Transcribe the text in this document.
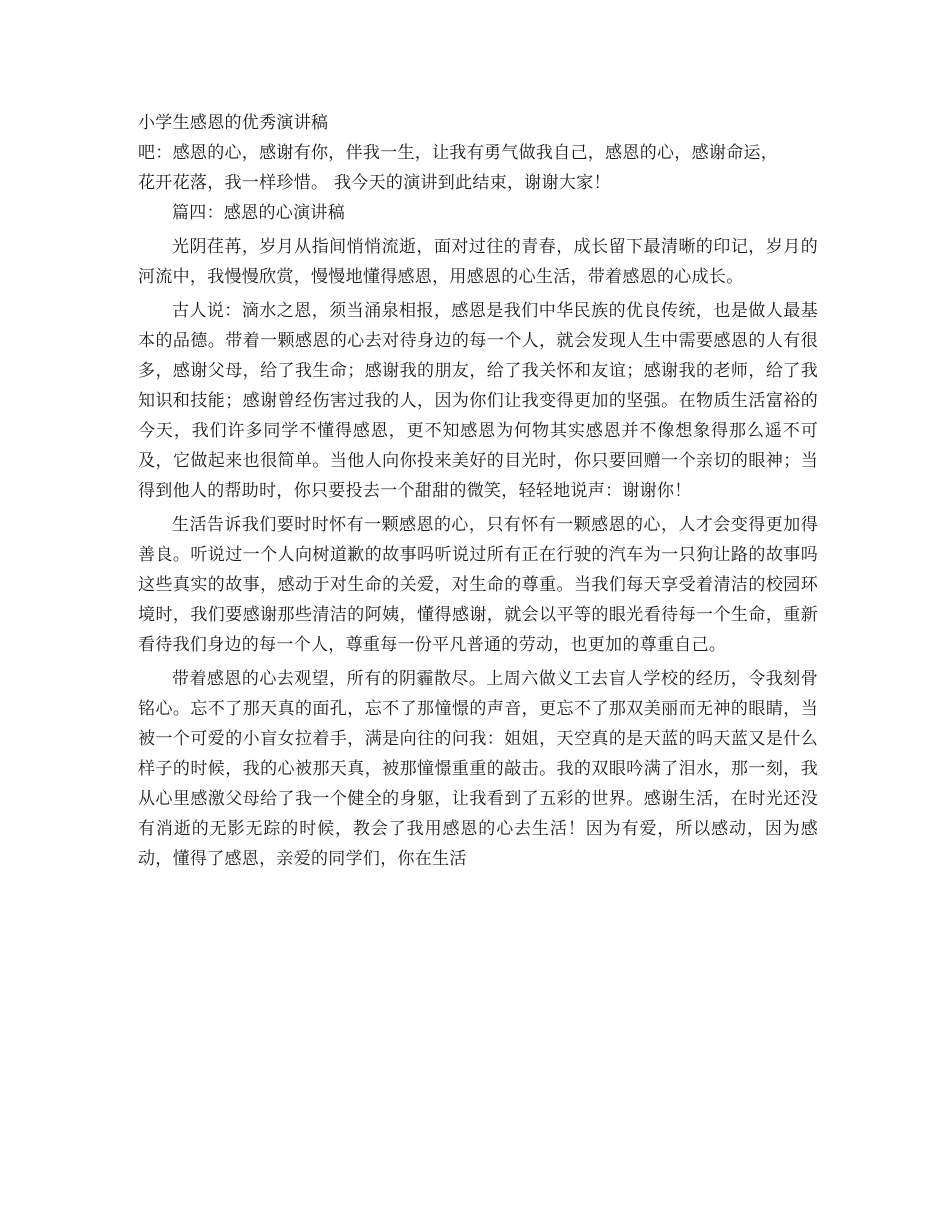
小学生感恩的优秀演讲稿

吧：感恩的心，感谢有你，伴我一生，让我有勇气做我自己，感恩的心，感谢命运，

花开花落，我一样珍惜。 我今天的演讲到此结束，谢谢大家！

篇四：感恩的心演讲稿

光阴荏苒，岁月从指间悄悄流逝，面对过往的青春，成长留下最清晰的印记，岁月的河流中，我慢慢欣赏，慢慢地懂得感恩，用感恩的心生活，带着感恩的心成长。

古人说：滴水之恩，须当涌泉相报，感恩是我们中华民族的优良传统，也是做人最基本的品德。带着一颗感恩的心去对待身边的每一个人，就会发现人生中需要感恩的人有很多，感谢父母，给了我生命；感谢我的朋友，给了我关怀和友谊；感谢我的老师，给了我知识和技能；感谢曾经伤害过我的人，因为你们让我变得更加的坚强。在物质生活富裕的今天，我们许多同学不懂得感恩，更不知感恩为何物其实感恩并不像想象得那么遥不可及，它做起来也很简单。当他人向你投来美好的目光时，你只要回赠一个亲切的眼神；当得到他人的帮助时，你只要投去一个甜甜的微笑，轻轻地说声：谢谢你！

生活告诉我们要时时怀有一颗感恩的心，只有怀有一颗感恩的心，人才会变得更加得善良。听说过一个人向树道歉的故事吗听说过所有正在行驶的汽车为一只狗让路的故事吗这些真实的故事，感动于对生命的关爱，对生命的尊重。当我们每天享受着清洁的校园环境时，我们要感谢那些清洁的阿姨，懂得感谢，就会以平等的眼光看待每一个生命，重新看待我们身边的每一个人，尊重每一份平凡普通的劳动，也更加的尊重自己。

带着感恩的心去观望，所有的阴霾散尽。上周六做义工去盲人学校的经历，令我刻骨铭心。忘不了那天真的面孔，忘不了那憧憬的声音，更忘不了那双美丽而无神的眼睛，当被一个可爱的小盲女拉着手，满是向往的问我：姐姐，天空真的是天蓝的吗天蓝又是什么样子的时候，我的心被那天真，被那憧憬重重的敲击。我的双眼吟满了泪水，那一刻，我从心里感激父母给了我一个健全的身躯，让我看到了五彩的世界。感谢生活，在时光还没有消逝的无影无踪的时候，教会了我用感恩的心去生活！因为有爱，所以感动，因为感动，懂得了感恩，亲爱的同学们，你在生活
